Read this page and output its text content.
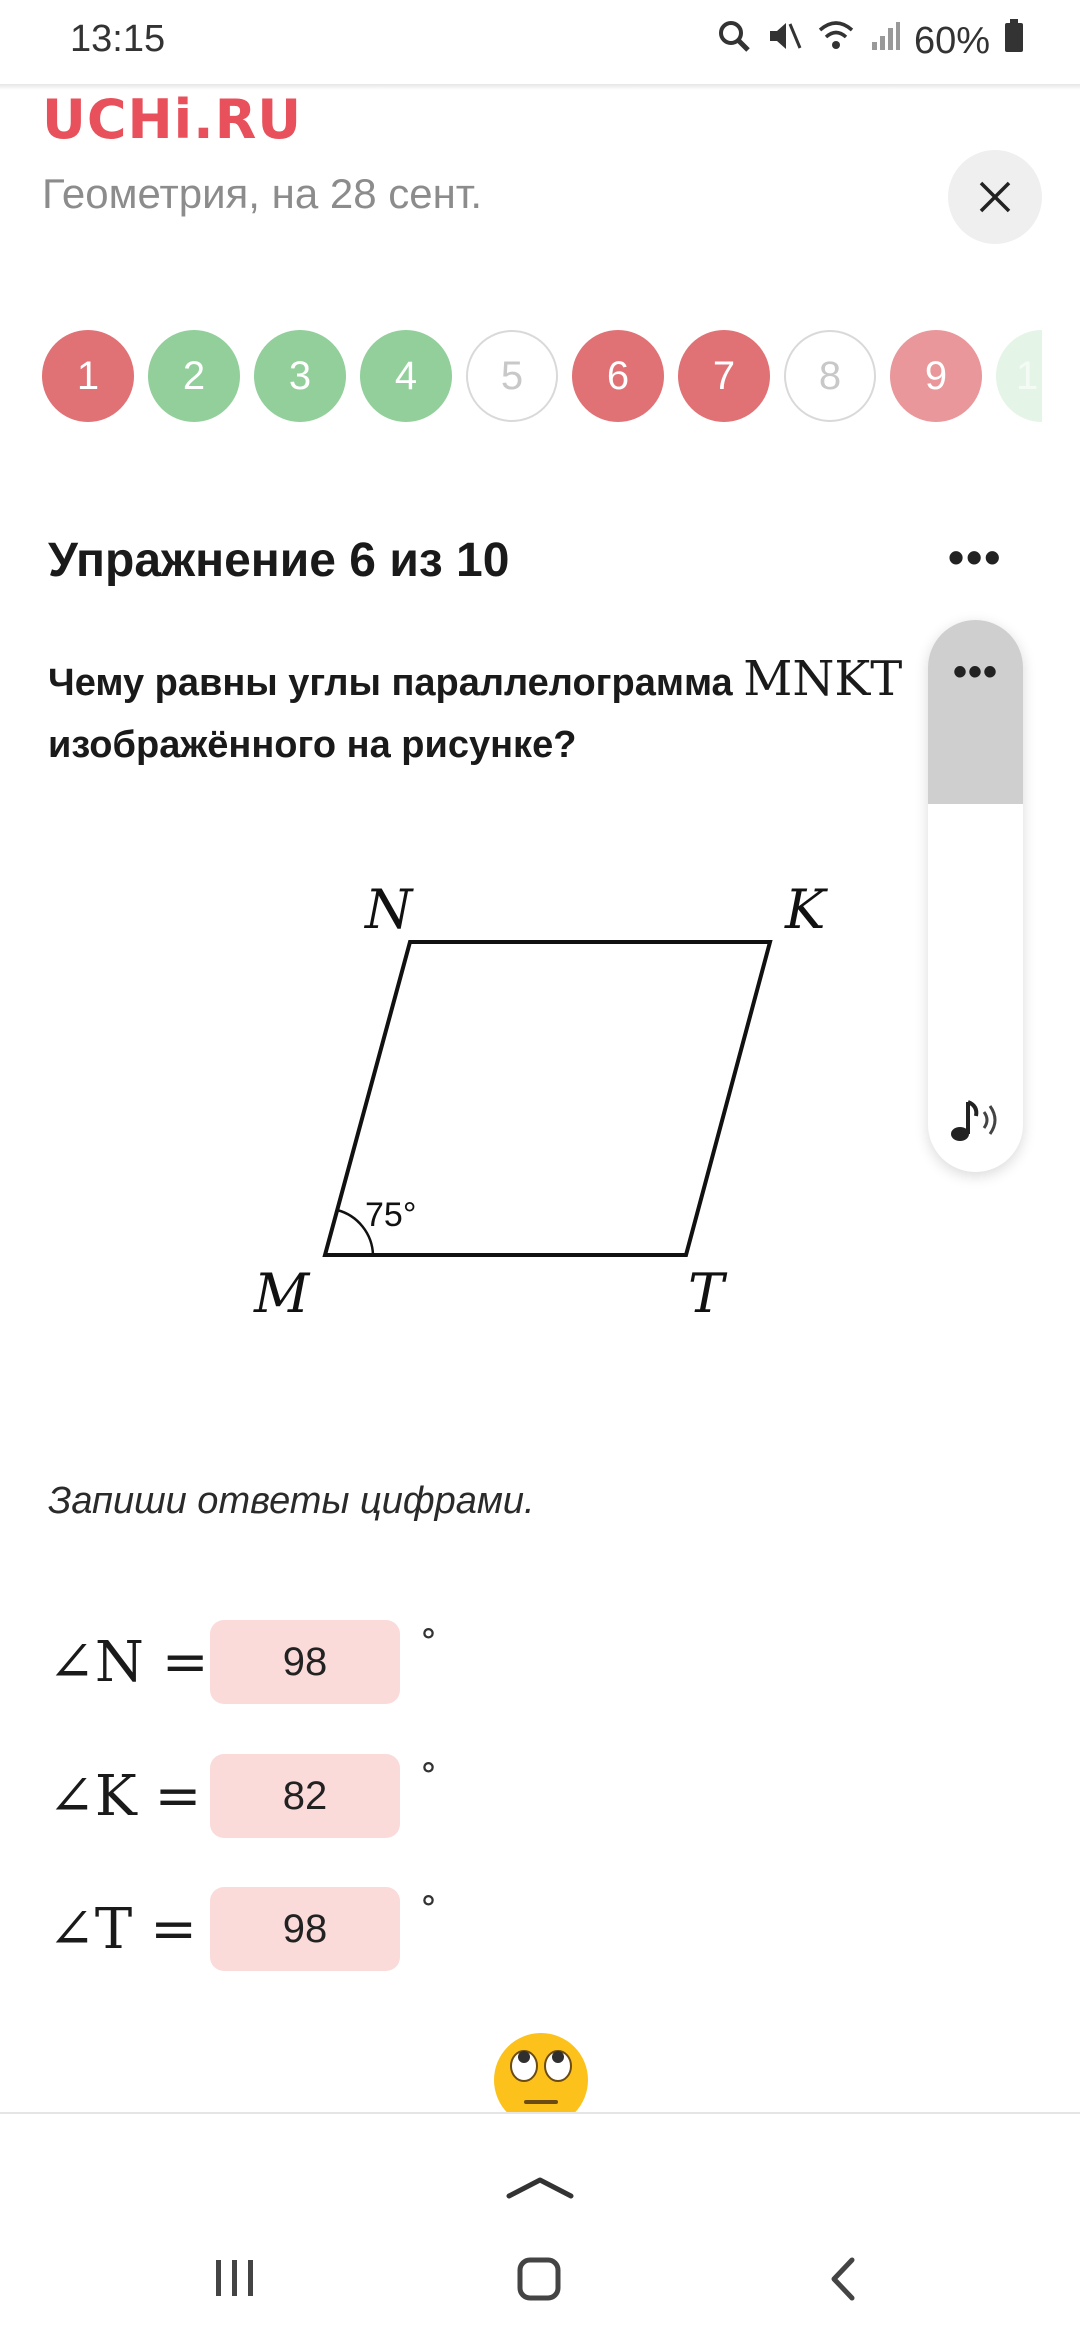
13:15	60%
UCHi.RU
Геометрия, на 28 сент.
1 2 3 4 5 6 7 8 9 1
Упражнение 6 из 10	•••
Чему равны углы параллелограмма MNKT
изображённого на рисунке?
•••
75°
N	K
M	T
Запиши ответы цифрами.
∠N =	98	°
∠K =	82	°
∠T =	98	°
